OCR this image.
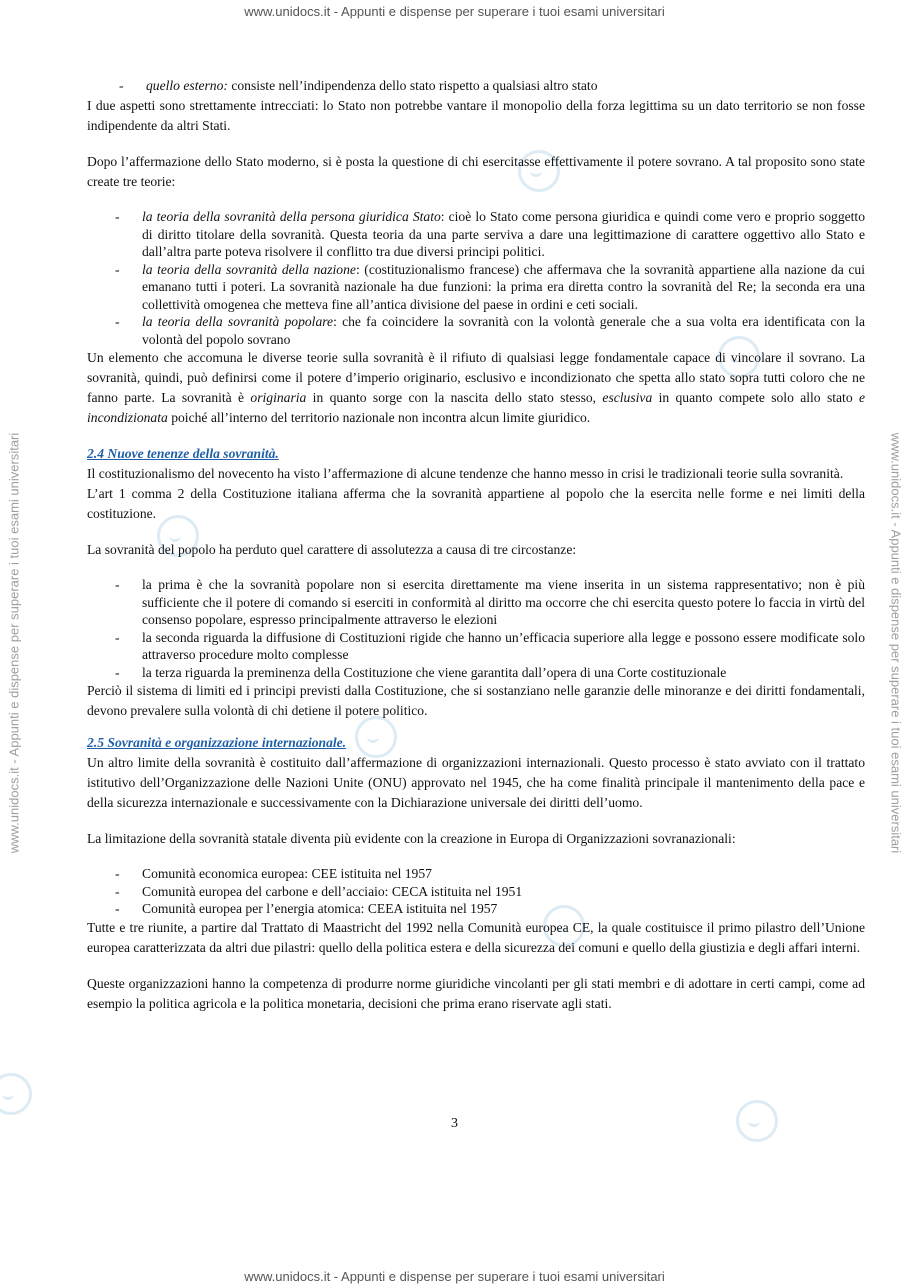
www.unidocs.it - Appunti e dispense per superare i tuoi esami universitari
www.unidocs.it - Appunti e dispense per superare i tuoi esami universitari	www.unidocs.it - Appunti e dispense per superare i tuoi esami universitari
- quello esterno: consiste nell’indipendenza dello stato rispetto a qualsiasi altro stato

I due aspetti sono strettamente intrecciati: lo Stato non potrebbe vantare il monopolio della forza legittima su un dato territorio se non fosse indipendente da altri Stati.

Dopo l’affermazione dello Stato moderno, si è posta la questione di chi esercitasse effettivamente il potere sovrano. A tal proposito sono state create tre teorie:

- la teoria della sovranità della persona giuridica Stato: cioè lo Stato come persona giuridica e quindi come vero e proprio soggetto di diritto titolare della sovranità. Questa teoria da una parte serviva a dare una legittimazione di carattere oggettivo allo Stato e dall’altra parte poteva risolvere il conflitto tra due diversi principi politici.
- la teoria della sovranità della nazione: (costituzionalismo francese) che affermava che la sovranità appartiene alla nazione da cui emanano tutti i poteri. La sovranità nazionale ha due funzioni: la prima era diretta contro la sovranità del Re; la seconda era una collettività omogenea che metteva fine all’antica divisione del paese in ordini e ceti sociali.
- la teoria della sovranità popolare: che fa coincidere la sovranità con la volontà generale che a sua volta era identificata con la volontà del popolo sovrano

Un elemento che accomuna le diverse teorie sulla sovranità è il rifiuto di qualsiasi legge fondamentale capace di vincolare il sovrano. La sovranità, quindi, può definirsi come il potere d’imperio originario, esclusivo e incondizionato che spetta allo stato sopra tutti coloro che ne fanno parte. La sovranità è originaria in quanto sorge con la nascita dello stato stesso, esclusiva in quanto compete solo allo stato e incondizionata poiché all’interno del territorio nazionale non incontra alcun limite giuridico.

2.4 Nuove tenenze della sovranità.

Il costituzionalismo del novecento ha visto l’affermazione di alcune tendenze che hanno messo in crisi le tradizionali teorie sulla sovranità.

L’art 1 comma 2 della Costituzione italiana afferma che la sovranità appartiene al popolo che la esercita nelle forme e nei limiti della costituzione.

La sovranità del popolo ha perduto quel carattere di assolutezza a causa di tre circostanze:

- la prima è che la sovranità popolare non si esercita direttamente ma viene inserita in un sistema rappresentativo; non è più sufficiente che il potere di comando si eserciti in conformità al diritto ma occorre che chi esercita questo potere lo faccia in virtù del consenso popolare, espresso principalmente attraverso le elezioni
- la seconda riguarda la diffusione di Costituzioni rigide che hanno un’efficacia superiore alla legge e possono essere modificate solo attraverso procedure molto complesse
- la terza riguarda la preminenza della Costituzione che viene garantita dall’opera di una Corte costituzionale

Perciò il sistema di limiti ed i principi previsti dalla Costituzione, che si sostanziano nelle garanzie delle minoranze e dei diritti fondamentali, devono prevalere sulla volontà di chi detiene il potere politico.

2.5 Sovranità e organizzazione internazionale.

Un altro limite della sovranità è costituito dall’affermazione di organizzazioni internazionali. Questo processo è stato avviato con il trattato istitutivo dell’Organizzazione delle Nazioni Unite (ONU) approvato nel 1945, che ha come finalità principale il mantenimento della pace e della sicurezza internazionale e successivamente con la Dichiarazione universale dei diritti dell’uomo.

La limitazione della sovranità statale diventa più evidente con la creazione in Europa di Organizzazioni sovranazionali:

- Comunità economica europea: CEE istituita nel 1957
- Comunità europea del carbone e dell’acciaio: CECA istituita nel 1951
- Comunità europea per l’energia atomica: CEEA istituita nel 1957

Tutte e tre riunite, a partire dal Trattato di Maastricht del 1992 nella Comunità europea CE, la quale costituisce il primo pilastro dell’Unione europea caratterizzata da altri due pilastri: quello della politica estera e della sicurezza dei comuni e quello della giustizia e degli affari interni.

Queste organizzazioni hanno la competenza di produrre norme giuridiche vincolanti per gli stati membri e di adottare in certi campi, come ad esempio la politica agricola e la politica monetaria, decisioni che prima erano riservate agli stati.

3
www.unidocs.it - Appunti e dispense per superare i tuoi esami universitari
